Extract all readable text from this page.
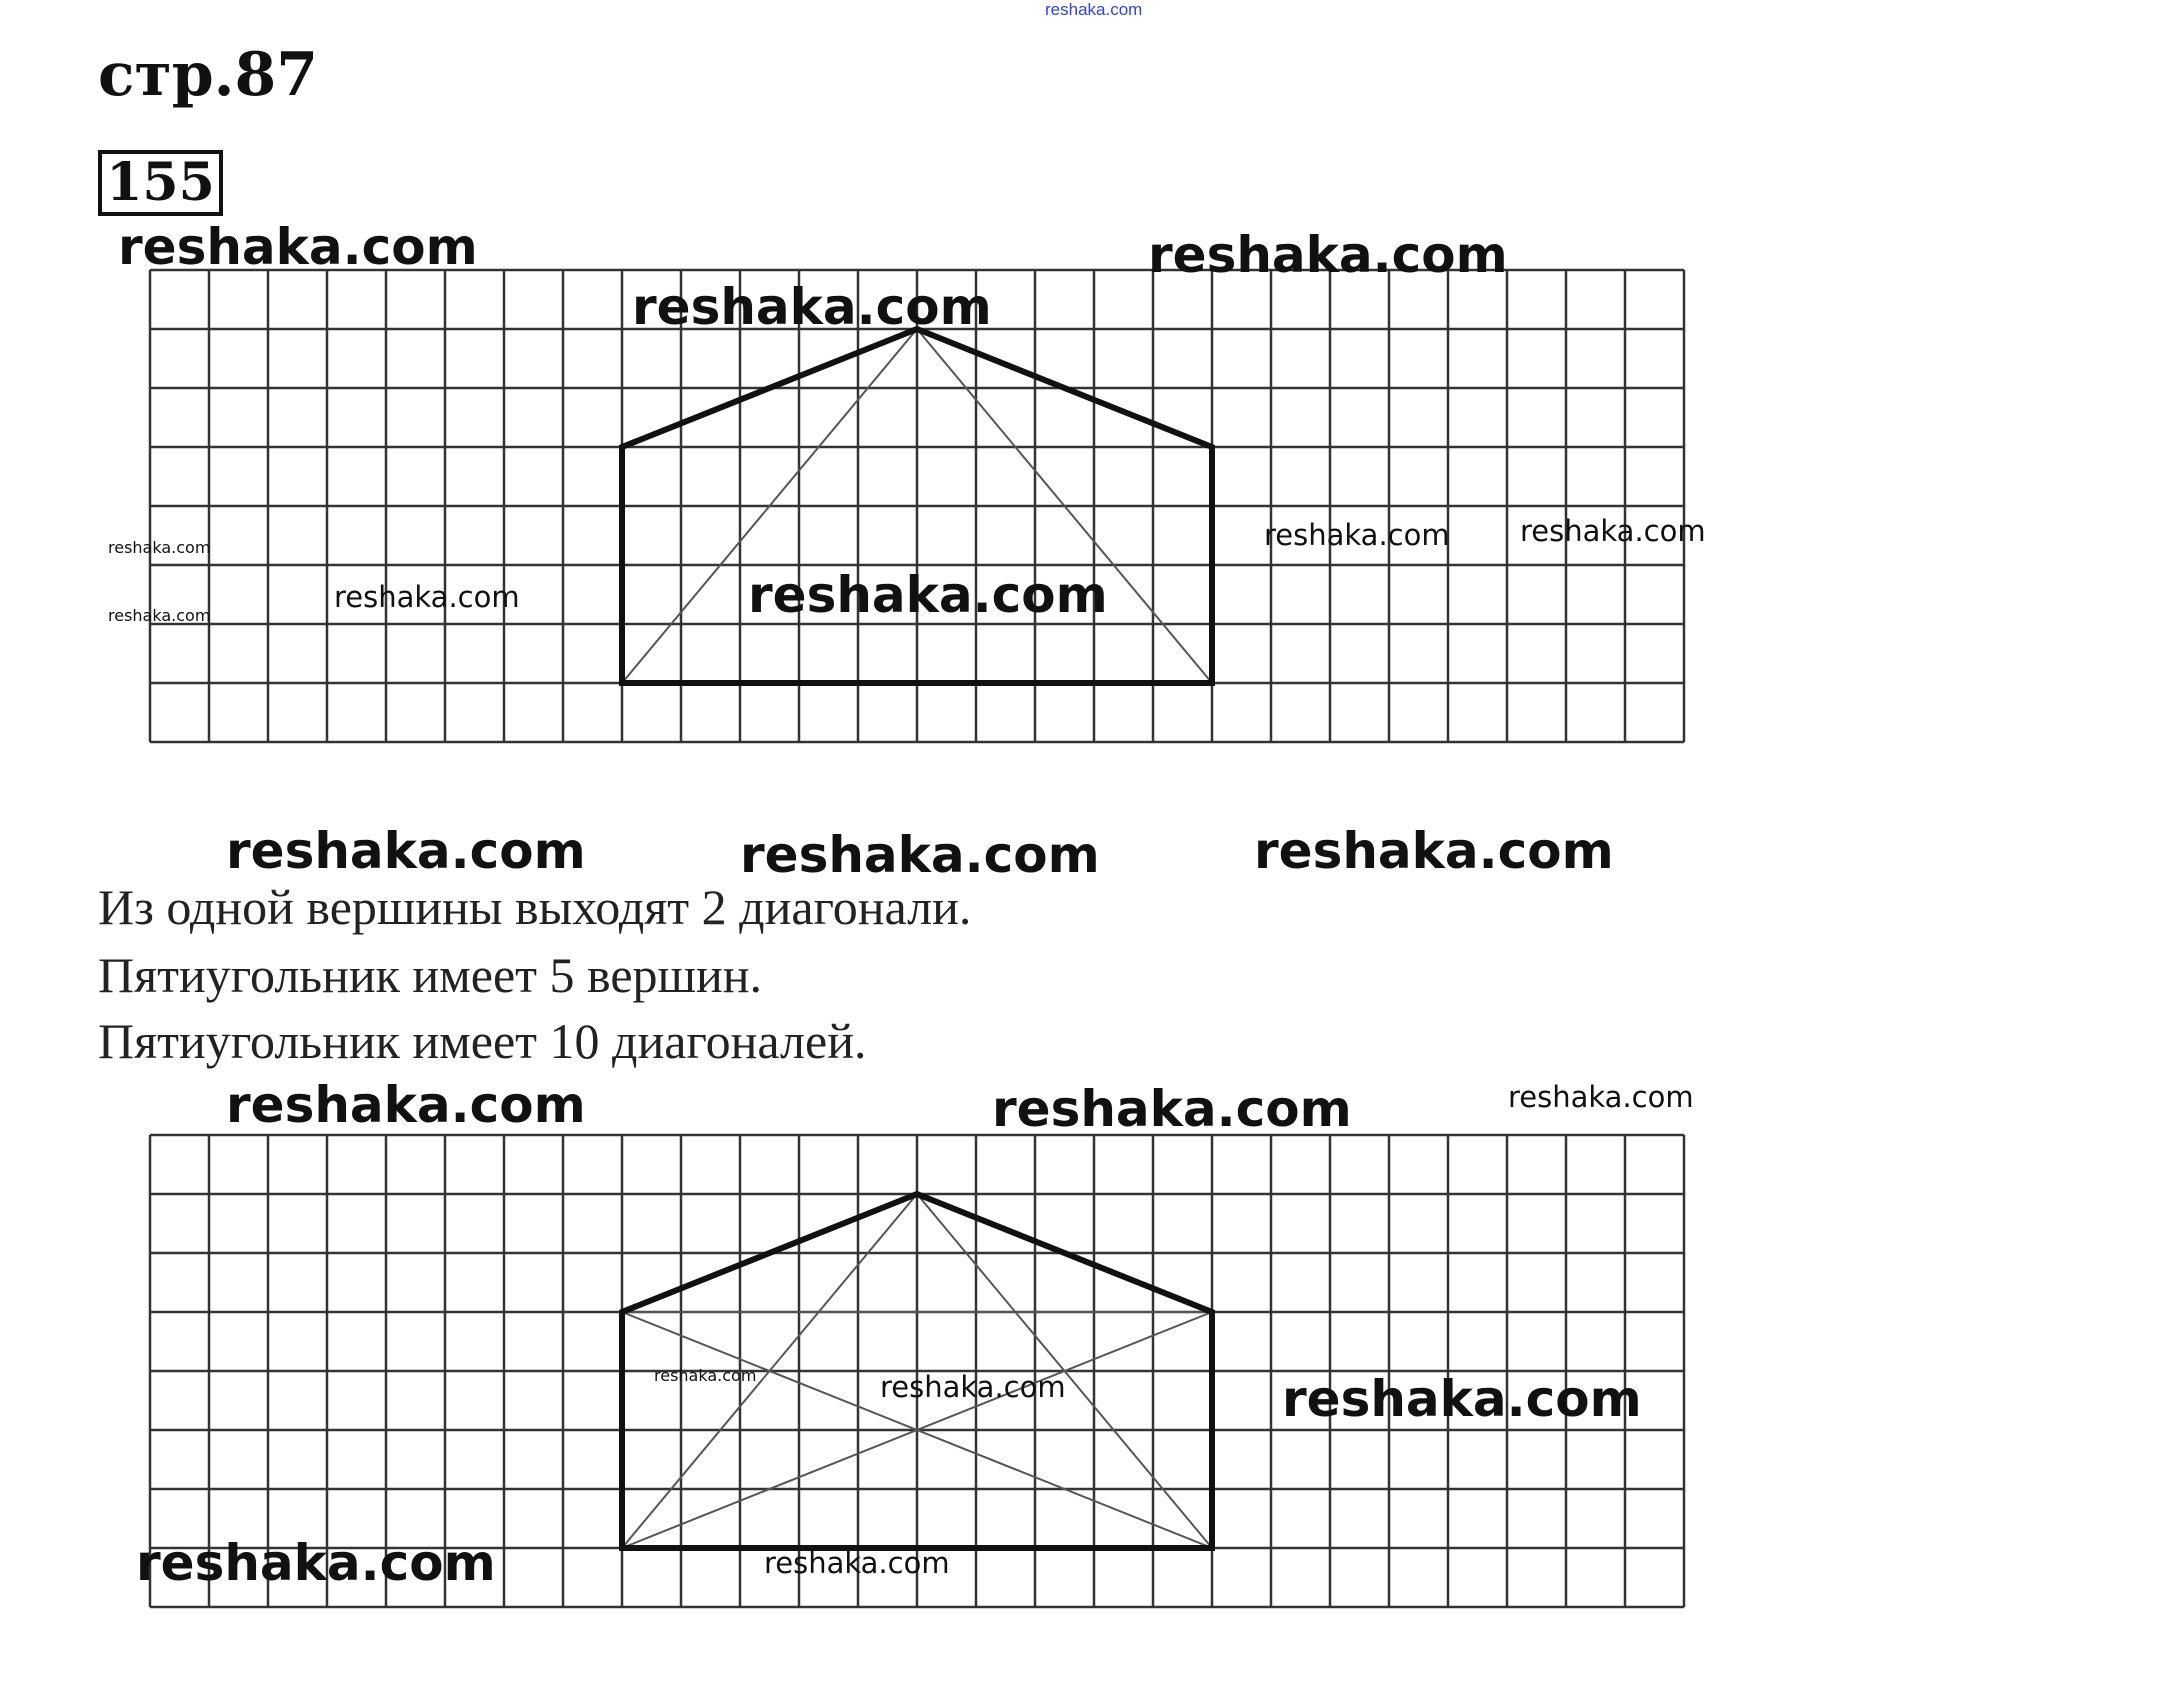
reshaka.com
стр.87
155
Из одной вершины выходят 2 диагонали.
Пятиугольник имеет 5 вершин.
Пятиугольник имеет 10 диагоналей.
reshaka.com	reshaka.com
reshaka.com
reshaka.com reshaka.com
reshaka.com
reshaka.com
reshaka.com	reshaka.com
reshaka.com	reshaka.com	reshaka.com
reshaka.com	reshaka.com	reshaka.com
reshaka.com	reshaka.com	reshaka.com
reshaka.com	reshaka.com
